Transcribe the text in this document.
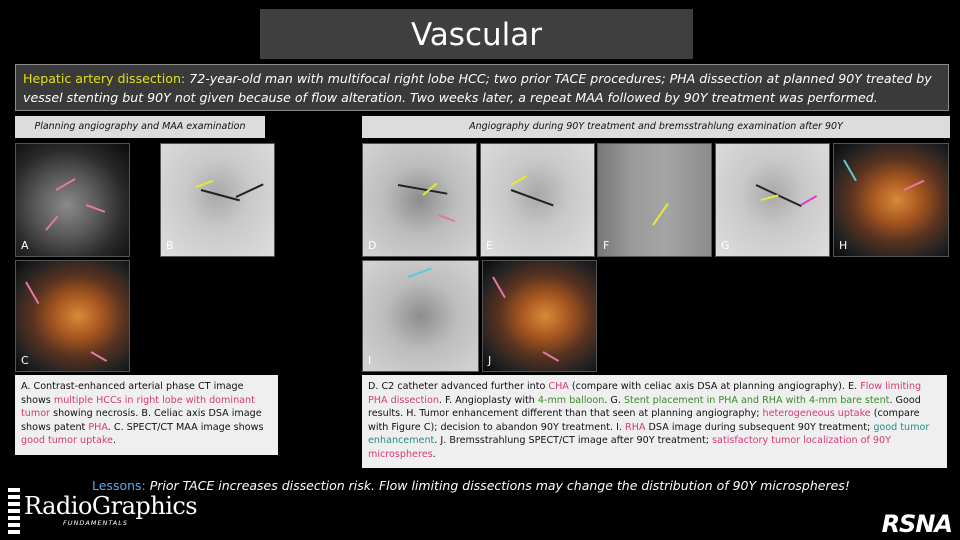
Vascular
Hepatic artery dissection: 72-year-old man with multifocal right lobe HCC; two prior TACE procedures; PHA dissection at planned 90Y treated by vessel stenting but 90Y not given because of flow alteration. Two weeks later, a repeat MAA followed by 90Y treatment was performed.
Planning angiography and MAA examination	Angiography during 90Y treatment and bremsstrahlung examination after 90Y
A	B
C
D	E	F	G	H
I	J
A. Contrast-enhanced arterial phase CT image shows multiple HCCs in right lobe with dominant tumor showing necrosis. B. Celiac axis DSA image shows patent PHA. C. SPECT/CT MAA image shows good tumor uptake.
D. C2 catheter advanced further into CHA (compare with celiac axis DSA at planning angiography). E. Flow limiting PHA dissection. F. Angioplasty with 4-mm balloon. G. Stent placement in PHA and RHA with 4-mm bare stent. Good results. H. Tumor enhancement different than that seen at planning angiography; heterogeneous uptake (compare with Figure C); decision to abandon 90Y treatment. I. RHA DSA image during subsequent 90Y treatment; good tumor enhancement. J. Bremsstrahlung SPECT/CT image after 90Y treatment; satisfactory tumor localization of 90Y microspheres.
Lessons: Prior TACE increases dissection risk. Flow limiting dissections may change the distribution of 90Y microspheres!
RadioGraphics
FUNDAMENTALS	RSNA
